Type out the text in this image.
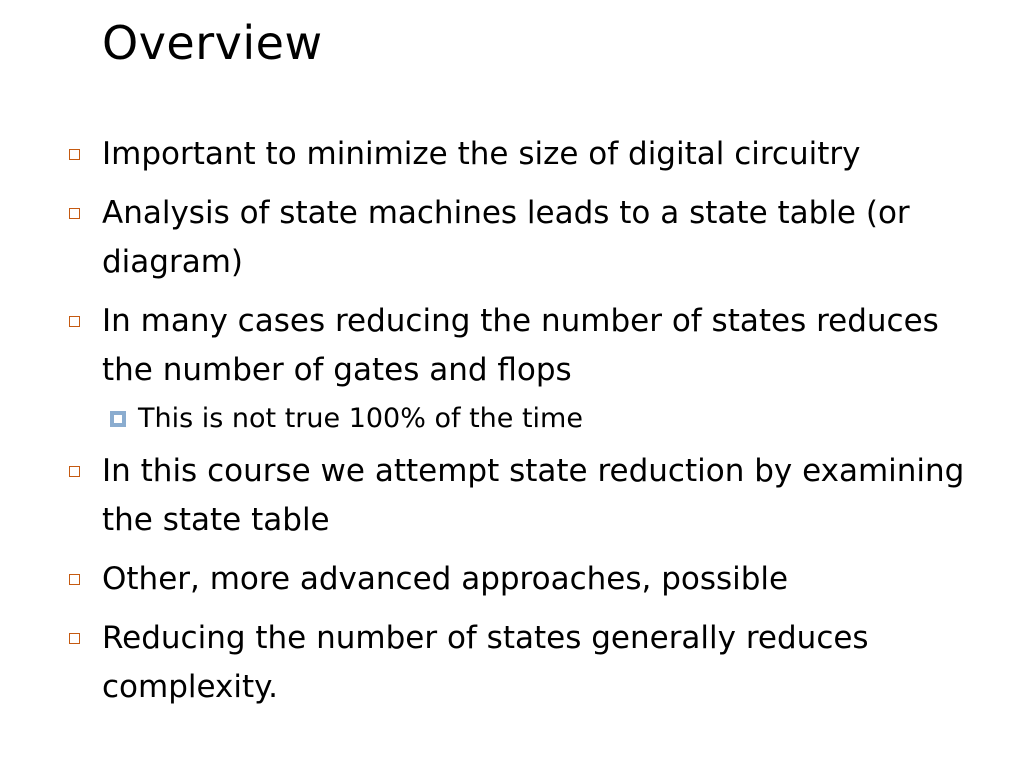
Overview
Important to minimize the size of digital circuitry
Analysis of state machines leads to a state table (or diagram)
In many cases reducing the number of states reduces the number of gates and flops
This is not true 100% of the time
In this course we attempt state reduction by examining the state table
Other, more advanced approaches, possible
Reducing the number of states generally reduces complexity.
